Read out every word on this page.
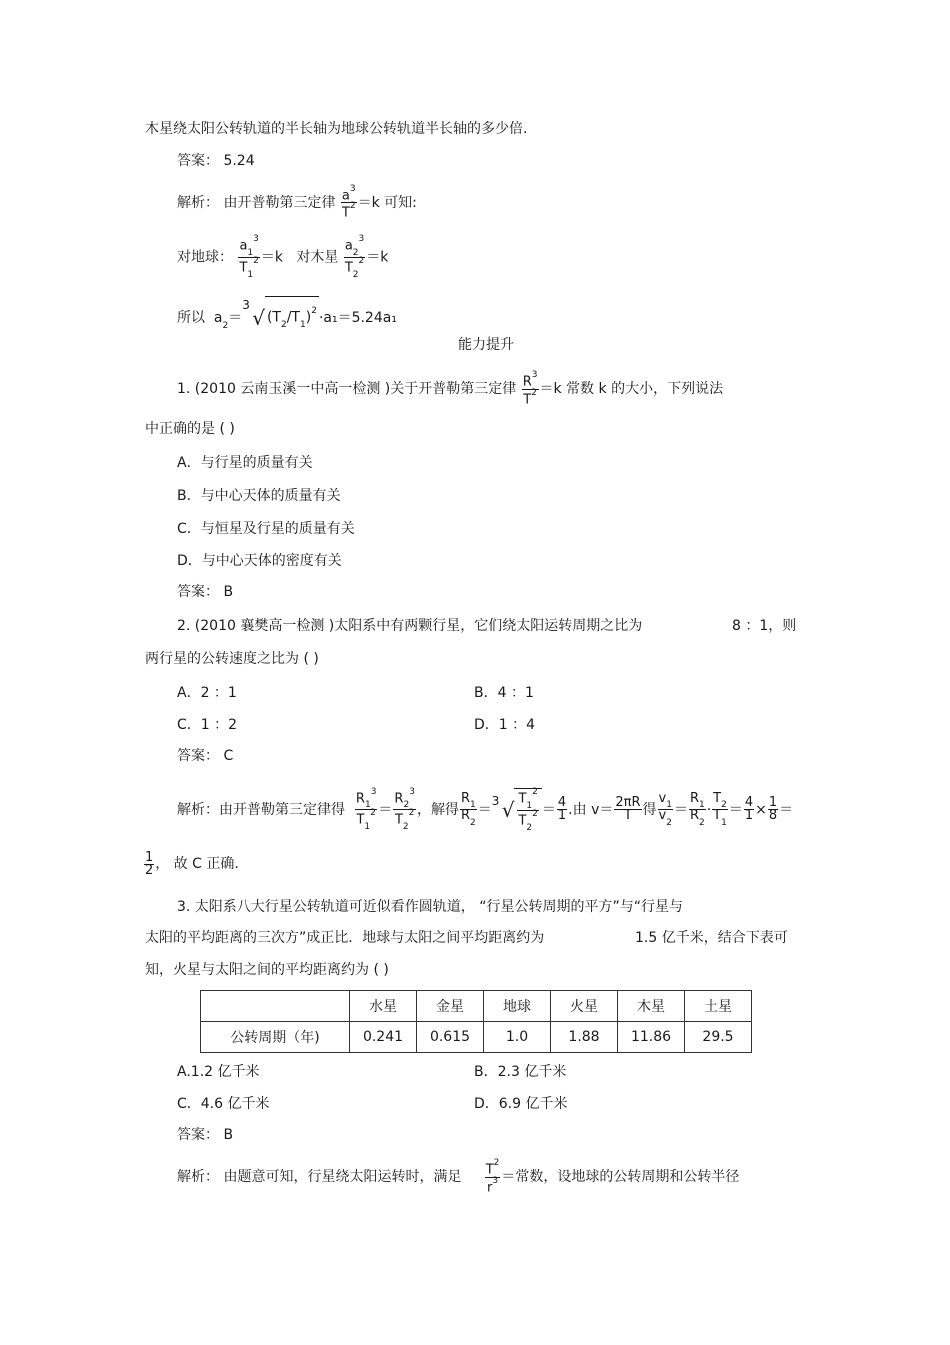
木星绕太阳公转轨道的半长轴为地球公转轨道半长轴的多少倍.
答案： 5.24
解析： 由开普勒第三定律 $\frac{a^3}{T^2} =k$ 可知:
对地球： $\frac{a_1^3}{T_1^2} =k$ 对木星 $\frac{a_2^3}{T_2^2} =k$
所以  $a_2=$
3
√ $(T_2/T_1)^2 \cdot a_1=5.24a_1$
能力提升
1. (2010 云南玉溪一中高一检测 )关于开普勒第三定律 $\frac{R^3}{T^2} =k$ 常数 k 的大小，下列说法
中正确的是 ( )
A．与行星的质量有关
B．与中心天体的质量有关
C．与恒星及行星的质量有关
D．与中心天体的密度有关
答案： B
2. (2010 襄樊高一检测 )太阳系中有两颗行星，它们绕太阳运转周期之比为	8 ：1，则
两行星的公转速度之比为 ( )
A．2 ：1	B．4 ：1
C．1 ：2	D．1 ：4
答案： C
解析：由开普勒第三定律得 $\frac{R_1^3}{T_1^2} = \frac{R_2^3}{T_2^2}$ ，解得 $\frac{R_1}{R_2}$ ＝
3 √ $\frac{T_1^2}{T_2^2} = \frac{4}{1}$ .由 $v= \frac{2\pi R}{T}$ 得 $\frac{v_1}{v_2} = \frac{R_1}{R_2} \cdot \frac{T_2}{T_1} = \frac{4}{1} \times \frac{1}{8}$ ＝
$\frac{1}{2}$ ， 故 C 正确.
3. 太阳系八大行星公转轨道可近似看作圆轨道， “行星公转周期的平方”与“行星与
太阳的平均距离的三次方”成正比．地球与太阳之间平均距离约为	1.5 亿千米，结合下表可
知，火星与太阳之间的平均距离约为 ( )
	水星	金星	地球	火星	木星	土星
公转周期（年)	0.241	0.615	1.0	1.88	11.86	29.5
A.1.2 亿千米	B．2.3 亿千米
C．4.6 亿千米	D．6.9 亿千米
答案： B
解析： 由题意可知，行星绕太阳运转时，满足 $\frac{T^2}{r^3}$ ＝常数，设地球的公转周期和公转半径
